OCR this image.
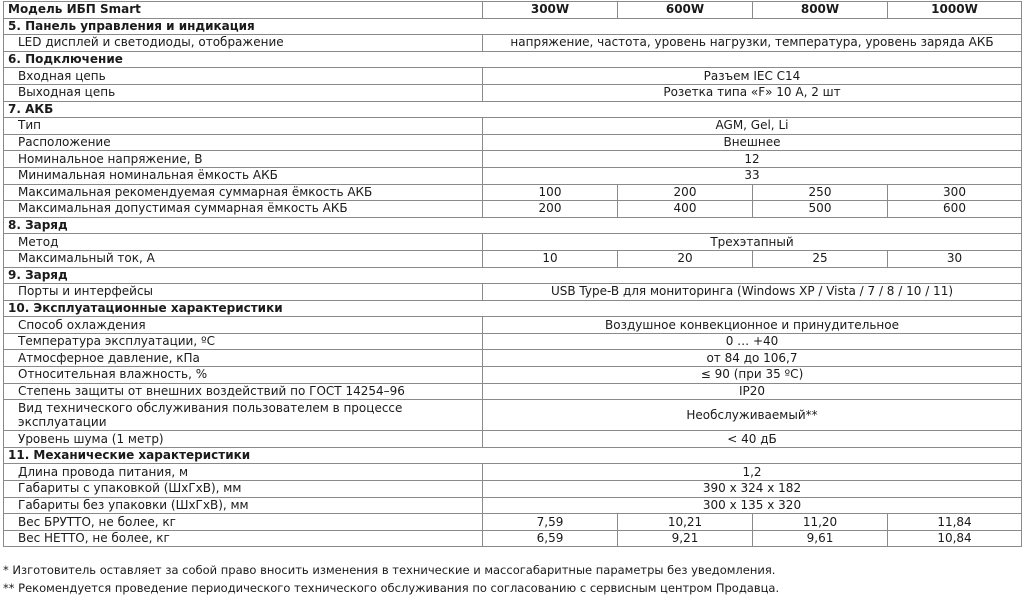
Модель ИБП Smart	300W	600W	800W	1000W
5. Панель управления и индикация				
LED дисплей и светодиоды, отображение	напряжение, частота, уровень нагрузки, температура, уровень заряда АКБ			
6. Подключение				
Входная цепь	Разъем IEC C14			
Выходная цепь	Розетка типа «F» 10 А, 2 шт			
7. АКБ				
Тип	AGM, Gel, Li			
Расположение	Внешнее			
Номинальное напряжение, В	12			
Минимальная номинальная ёмкость АКБ	33			
Максимальная рекомендуемая суммарная ёмкость АКБ	100	200	250	300
Максимальная допустимая суммарная ёмкость АКБ	200	400	500	600
8. Заряд				
Метод	Трехэтапный			
Максимальный ток, А	10	20	25	30
9. Заряд				
Порты и интерфейсы	USB Type-B для мониторинга (Windows XP / Vista / 7 / 8 / 10 / 11)			
10. Эксплуатационные характеристики				
Способ охлаждения	Воздушное конвекционное и принудительное			
Температура эксплуатации, ºС	0 … +40			
Атмосферное давление, кПа	от 84 до 106,7			
Относительная влажность, %	≤ 90 (при 35 ºС)			
Степень защиты от внешних воздействий по ГОСТ 14254–96	IP20			
Вид технического обслуживания пользователем в процессе эксплуатации	Необслуживаемый**			
Уровень шума (1 метр)	< 40 дБ			
11. Механические характеристики				
Длина провода питания, м	1,2			
Габариты с упаковкой (ШхГхВ), мм	390 х 324 х 182			
Габариты без упаковки (ШхГхВ), мм	300 х 135 х 320			
Вес БРУТТО, не более, кг	7,59	10,21	11,20	11,84
Вес НЕТТО, не более, кг	6,59	9,21	9,61	10,84
* Изготовитель оставляет за собой право вносить изменения в технические и массогабаритные параметры без уведомления.
** Рекомендуется проведение периодического технического обслуживания по согласованию с сервисным центром Продавца.
